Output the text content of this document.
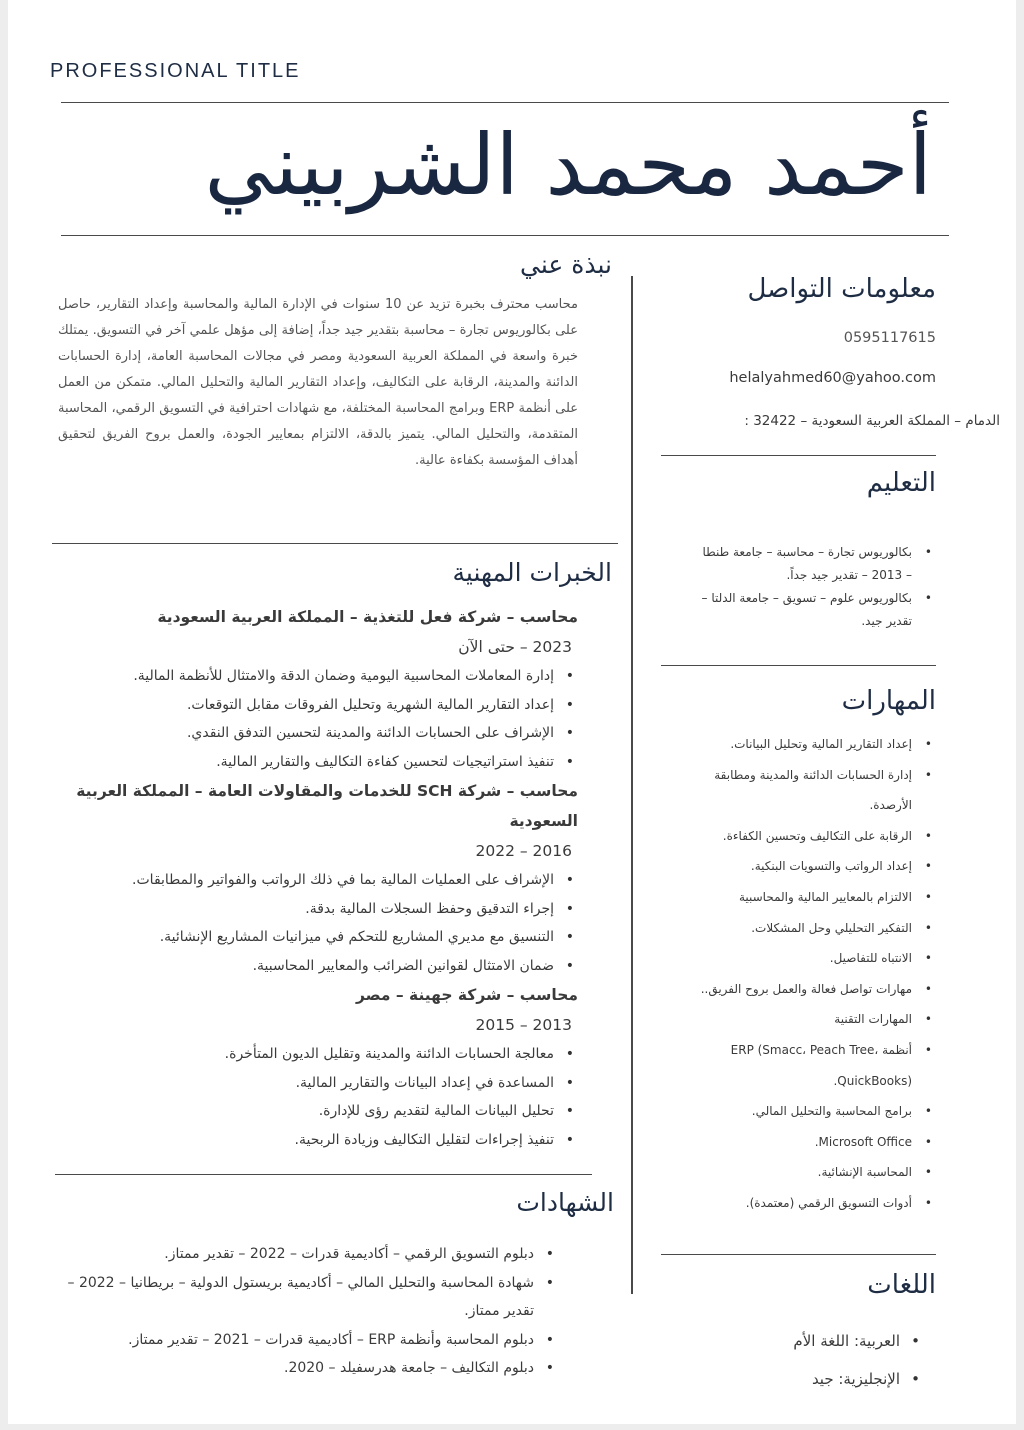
PROFESSIONAL TITLE
أحمد محمد الشربيني
معلومات التواصل
0595117615
helalyahmed60@yahoo.com
الدمام – المملكة العربية السعودية – 32422 :
التعليم
• بكالوريوس تجارة – محاسبة – جامعة طنطا – 2013 – تقدير جيد جداً.
• بكالوريوس علوم – تسويق – جامعة الدلتا – تقدير جيد.
المهارات
• إعداد التقارير المالية وتحليل البيانات.
• إدارة الحسابات الدائنة والمدينة ومطابقة الأرصدة.
• الرقابة على التكاليف وتحسين الكفاءة.
• إعداد الرواتب والتسويات البنكية.
• الالتزام بالمعايير المالية والمحاسبية
• التفكير التحليلي وحل المشكلات.
• الانتباه للتفاصيل.
• مهارات تواصل فعالة والعمل بروح الفريق..
• المهارات التقنية
• أنظمة ERP (Smacc، Peach Tree، QuickBooks).
• برامج المحاسبة والتحليل المالي.
• Microsoft Office.
• المحاسبة الإنشائية.
• أدوات التسويق الرقمي (معتمدة).
اللغات
• العربية: اللغة الأم
• الإنجليزية: جيد
نبذة عني
محاسب محترف بخبرة تزيد عن 10 سنوات في الإدارة المالية والمحاسبة وإعداد التقارير، حاصل على بكالوريوس تجارة – محاسبة بتقدير جيد جداً، إضافة إلى مؤهل علمي آخر في التسويق. يمتلك خبرة واسعة في المملكة العربية السعودية ومصر في مجالات المحاسبة العامة، إدارة الحسابات الدائنة والمدينة، الرقابة على التكاليف، وإعداد التقارير المالية والتحليل المالي. متمكن من العمل على أنظمة ERP وبرامج المحاسبة المختلفة، مع شهادات احترافية في التسويق الرقمي، المحاسبة المتقدمة، والتحليل المالي. يتميز بالدقة، الالتزام بمعايير الجودة، والعمل بروح الفريق لتحقيق أهداف المؤسسة بكفاءة عالية.
الخبرات المهنية
محاسب – شركة فعل للتغذية – المملكة العربية السعودية
2023 – حتى الآن
• إدارة المعاملات المحاسبية اليومية وضمان الدقة والامتثال للأنظمة المالية.
• إعداد التقارير المالية الشهرية وتحليل الفروقات مقابل التوقعات.
• الإشراف على الحسابات الدائنة والمدينة لتحسين التدفق النقدي.
• تنفيذ استراتيجيات لتحسين كفاءة التكاليف والتقارير المالية.
محاسب – شركة SCH للخدمات والمقاولات العامة – المملكة العربية السعودية
2016 – 2022
• الإشراف على العمليات المالية بما في ذلك الرواتب والفواتير والمطابقات.
• إجراء التدقيق وحفظ السجلات المالية بدقة.
• التنسيق مع مديري المشاريع للتحكم في ميزانيات المشاريع الإنشائية.
• ضمان الامتثال لقوانين الضرائب والمعايير المحاسبية.
محاسب – شركة جهينة – مصر
2013 – 2015
• معالجة الحسابات الدائنة والمدينة وتقليل الديون المتأخرة.
• المساعدة في إعداد البيانات والتقارير المالية.
• تحليل البيانات المالية لتقديم رؤى للإدارة.
• تنفيذ إجراءات لتقليل التكاليف وزيادة الربحية.
الشهادات
• دبلوم التسويق الرقمي – أكاديمية قدرات – 2022 – تقدير ممتاز.
• شهادة المحاسبة والتحليل المالي – أكاديمية بريستول الدولية – بريطانيا – 2022 – تقدير ممتاز.
• دبلوم المحاسبة وأنظمة ERP – أكاديمية قدرات – 2021 – تقدير ممتاز.
• دبلوم التكاليف – جامعة هدرسفيلد – 2020.
